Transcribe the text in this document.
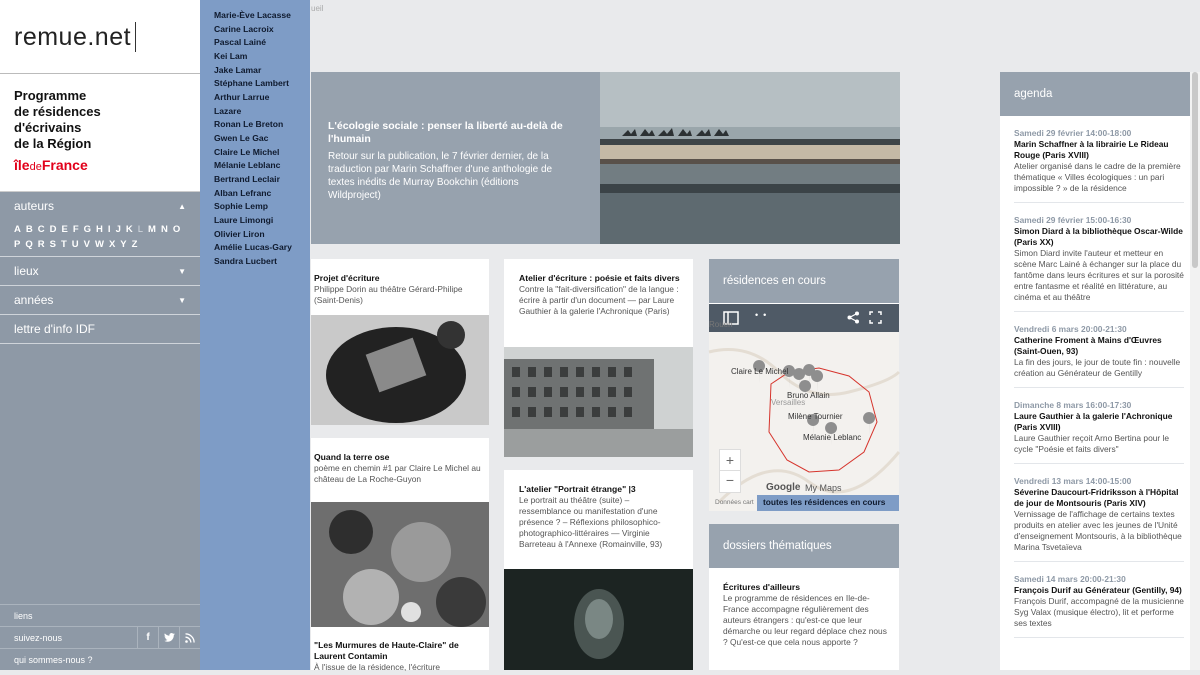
remue.net
Programme
de résidences
d'écrivains
de la Région
îledeFrance
auteurs	▲
A B C D E F G H I J K L M N O
P Q R S T U V W X Y Z
lieux	▼
années	▼
lettre d'info IDF
liens
suivez-nous	f
qui sommes-nous ?
Marie-Ève Lacasse
Carine Lacroix
Pascal Lainé
Kei Lam
Jake Lamar
Stéphane Lambert
Arthur Larrue
Lazare
Ronan Le Breton
Gwen Le Gac
Claire Le Michel
Mélanie Leblanc
Bertrand Leclair
Alban Lefranc
Sophie Lemp
Laure Limongi
Olivier Liron
Amélie Lucas-Gary
Sandra Lucbert
ueil
L'écologie sociale : penser la liberté au-delà de l'humain
Retour sur la publication, le 7 février dernier, de la traduction par Marin Schaffner d'une anthologie de textes inédits de Murray Bookchin (éditions Wildproject)
Projet d'écriture
Philippe Dorin au théâtre Gérard-Philipe (Saint-Denis)
Quand la terre ose
poème en chemin #1 par Claire Le Michel au château de La Roche-Guyon
"Les Murmures de Haute-Claire" de Laurent Contamin
À l'issue de la résidence, l'écriture
Atelier d'écriture : poésie et faits divers
Contre la "fait-diversification" de la langue : écrire à partir d'un document — par Laure Gauthier à la galerie l'Achronique (Paris)
L'atelier "Portrait étrange" |3
Le portrait au théâtre (suite) – ressemblance ou manifestation d'une présence ? – Réflexions philosophico-photographico-littéraires — Virginie Barreteau à l'Annexe (Romainville, 93)
résidences en cours
•  •
Rouen
Claire Le Michel
Versailles
Bruno Allain
Milène Tournier
Mélanie Leblanc
+
−	Google My Maps
Données cart	toutes les résidences en cours
dossiers thématiques
Écritures d'ailleurs
Le programme de résidences en Ile-de-France accompagne régulièrement des auteurs étrangers : qu'est-ce que leur démarche ou leur regard déplace chez nous ? Qu'est-ce que cela nous apporte ?
agenda
Samedi 29 février 14:00-18:00
Marin Schaffner à la librairie Le Rideau Rouge (Paris XVIII)
Atelier organisé dans le cadre de la première thématique « Villes écologiques : un pari impossible ? » de la résidence
Samedi 29 février 15:00-16:30
Simon Diard à la bibliothèque Oscar-Wilde (Paris XX)
Simon Diard invite l'auteur et metteur en scène Marc Lainé à échanger sur la place du fantôme dans leurs écritures et sur la porosité entre fantasme et réalité en littérature, au cinéma et au théâtre
Vendredi 6 mars 20:00-21:30
Catherine Froment à Mains d'Œuvres (Saint-Ouen, 93)
La fin des jours, le jour de toute fin : nouvelle création au Générateur de Gentilly
Dimanche 8 mars 16:00-17:30
Laure Gauthier à la galerie l'Achronique (Paris XVIII)
Laure Gauthier reçoit Arno Bertina pour le cycle "Poésie et faits divers"
Vendredi 13 mars 14:00-15:00
Séverine Daucourt-Fridriksson à l'Hôpital de jour de Montsouris (Paris XIV)
Vernissage de l'affichage de certains textes produits en atelier avec les jeunes de l'Unité d'enseignement Montsouris, à la bibliothèque Marina Tsvetaïeva
Samedi 14 mars 20:00-21:30
François Durif au Générateur (Gentilly, 94)
François Durif, accompagné de la musicienne Syg Valax (musique électro), lit et performe ses textes
